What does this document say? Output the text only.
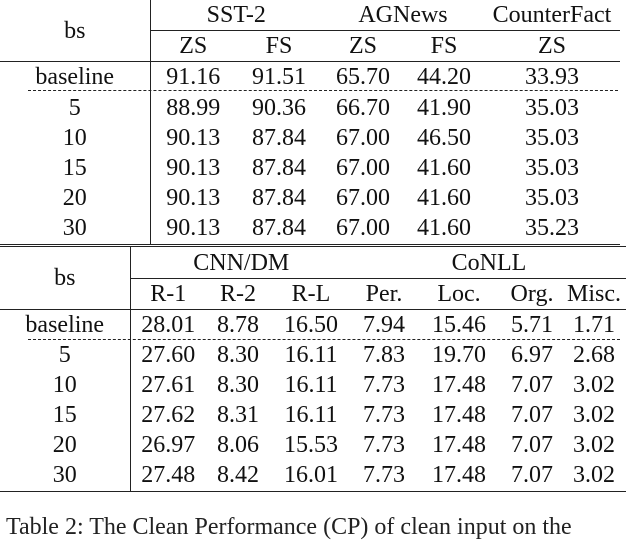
bs	SST-2		AGNews		CounterFact
	ZS	FS	ZS	FS	ZS
baseline	91.16	91.51	65.70	44.20	33.93
5	88.99	90.36	66.70	41.90	35.03
10	90.13	87.84	67.00	46.50	35.03
15	90.13	87.84	67.00	41.60	35.03
20	90.13	87.84	67.00	41.60	35.03
30	90.13	87.84	67.00	41.60	35.23
bs	CNN/DM			CoNLL			
	R-1	R-2	R-L	Per.	Loc.	Org.	Misc.
baseline	28.01	8.78	16.50	7.94	15.46	5.71	1.71
5	27.60	8.30	16.11	7.83	19.70	6.97	2.68
10	27.61	8.30	16.11	7.73	17.48	7.07	3.02
15	27.62	8.31	16.11	7.73	17.48	7.07	3.02
20	26.97	8.06	15.53	7.73	17.48	7.07	3.02
30	27.48	8.42	16.01	7.73	17.48	7.07	3.02
Table 2: The Clean Performance (CP) of clean input on the
